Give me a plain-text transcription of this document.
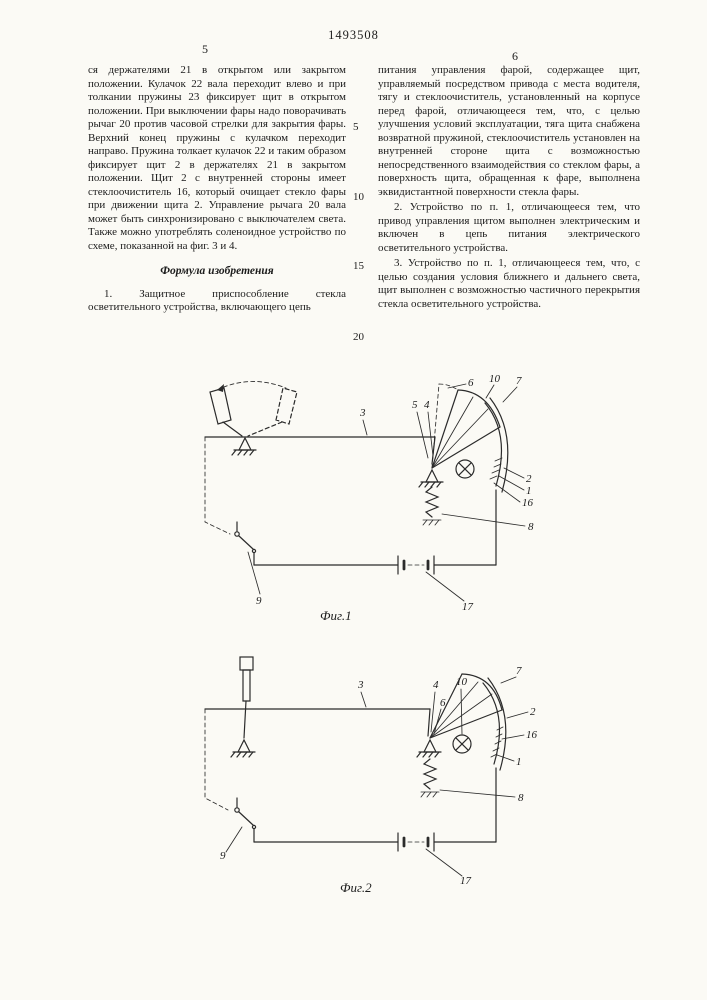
1493508
5	6

ся держателями 21 в открытом или закрытом положении. Кулачок 22 вала переходит влево и при толкании пружины 23 фиксирует щит в открытом положении. При выключении фары надо поворачивать рычаг 20 против часовой стрелки для закрытия фары. Верхний конец пружины с кулачком переходит направо. Пружина толкает кулачок 22 и таким образом фиксирует щит 2 в держателях 21 в закрытом положении. Щит 2 с внутренней стороны имеет стеклоочиститель 16, который очищает стекло фары при движении щита 2. Управление рычага 20 вала может быть синхронизировано с выключателем света. Также можно употреблять соленоидное устройство по схеме, показанной на фиг. 3 и 4.

Формула изобретения

1. Защитное приспособление стекла осветительного устройства, включающего цепь

5
10
15
20

питания управления фарой, содержащее щит, управляемый посредством привода с места водителя, тягу и стеклоочиститель, установленный на корпусе перед фарой, отличающееся тем, что, с целью улучшения условий эксплуатации, тяга щита снабжена возвратной пружиной, стеклоочиститель установлен на внутренней стороне щита с возможностью непосредственного взаимодействия со стеклом фары, а поверхность щита, обращенная к фаре, выполнена эквидистантной поверхности стекла фары.

2. Устройство по п. 1, отличающееся тем, что привод управления щитом выполнен электрическим и включен в цепь питания электрического осветительного устройства.

3. Устройство по п. 1, отличающееся тем, что, с целью создания условия ближнего и дальнего света, щит выполнен с возможностью частичного перекрытия стекла осветительного устройства.

3
5 4
6 10 7
2
1
16
8
9	17
Фиг.1
3	4
6
10
7
2
16
1
8
9
17
Фиг.2
